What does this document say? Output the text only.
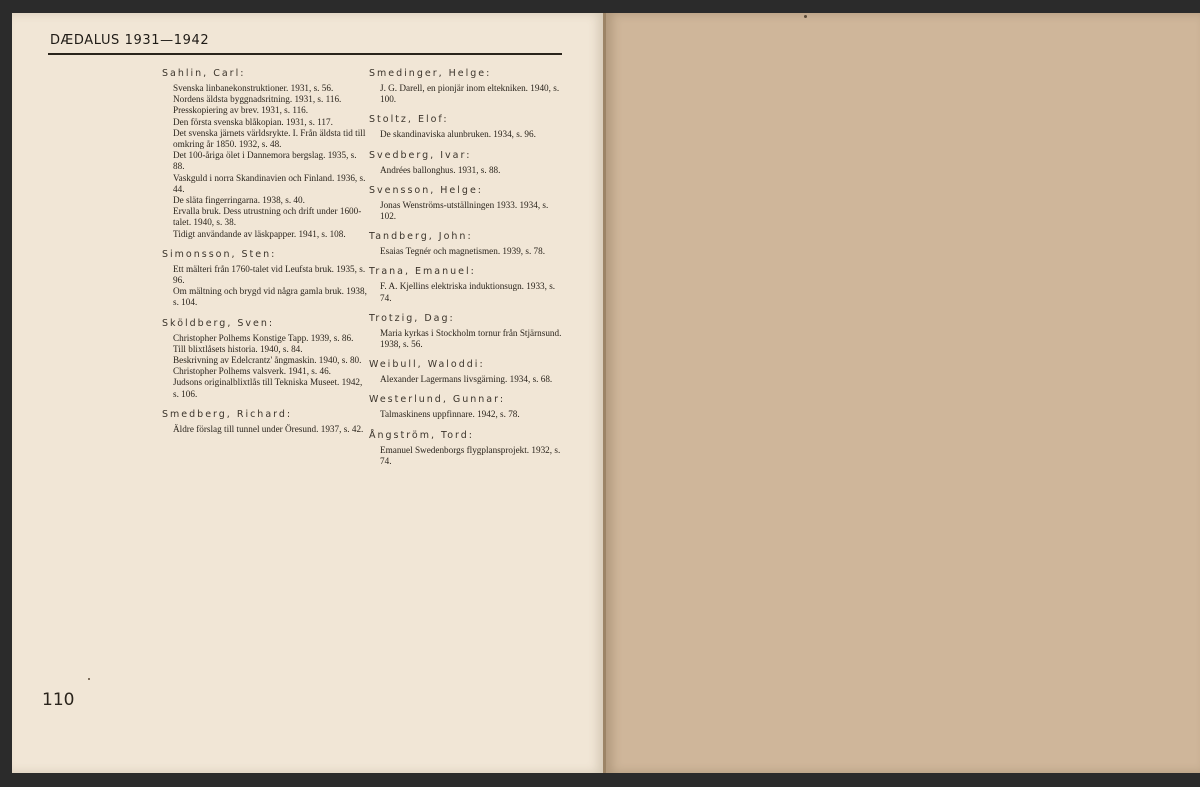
DÆDALUS 1931—1942
Sahlin, Carl:

Svenska linbanekonstruktioner. 1931, s. 56.

Nordens äldsta byggnadsritning. 1931, s. 116.

Presskopiering av brev. 1931, s. 116.

Den första svenska blåkopian. 1931, s. 117.

Det svenska järnets världsrykte. I. Från äldsta tid till omkring år 1850. 1932, s. 48.

Det 100-åriga ölet i Dannemora bergslag. 1935, s. 88.

Vaskguld i norra Skandinavien och Finland. 1936, s. 44.

De släta fingerringarna. 1938, s. 40.

Ervalla bruk. Dess utrustning och drift under 1600-talet. 1940, s. 38.

Tidigt användande av läskpapper. 1941, s. 108.

Simonsson, Sten:

Ett mälteri från 1760-talet vid Leufsta bruk. 1935, s. 96.

Om mältning och brygd vid några gamla bruk. 1938, s. 104.

Sköldberg, Sven:

Christopher Polhems Konstige Tapp. 1939, s. 86.

Till blixtlåsets historia. 1940, s. 84.

Beskrivning av Edelcrantz' ångmaskin. 1940, s. 80.

Christopher Polhems valsverk. 1941, s. 46.

Judsons originalblixtlås till Tekniska Museet. 1942, s. 106.

Smedberg, Richard:

Äldre förslag till tunnel under Öresund. 1937, s. 42.

Smedinger, Helge:

J. G. Darell, en pionjär inom eltekniken. 1940, s. 100.

Stoltz, Elof:

De skandinaviska alunbruken. 1934, s. 96.

Svedberg, Ivar:

Andrées ballonghus. 1931, s. 88.

Svensson, Helge:

Jonas Wenströms-utställningen 1933. 1934, s. 102.

Tandberg, John:

Esaias Tegnér och magnetismen. 1939, s. 78.

Trana, Emanuel:

F. A. Kjellins elektriska induktionsugn. 1933, s. 74.

Trotzig, Dag:

Maria kyrkas i Stockholm tornur från Stjärnsund. 1938, s. 56.

Weibull, Waloddi:

Alexander Lagermans livsgärning. 1934, s. 68.

Westerlund, Gunnar:

Talmaskinens uppfinnare. 1942, s. 78.

Ångström, Tord:

Emanuel Swedenborgs flygplansprojekt. 1932, s. 74.

110
